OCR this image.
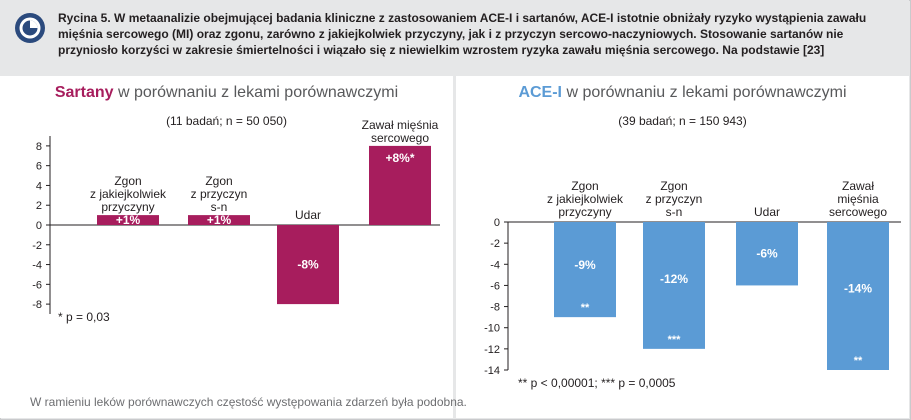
Rycina 5. W metaanalizie obejmującej badania kliniczne z zastosowaniem ACE-I i sartanów, ACE-I istotnie obniżały ryzyko wystąpienia zawału mięśnia sercowego (MI) oraz zgonu, zarówno z jakiejkolwiek przyczyny, jak i z przyczyn sercowo-naczyniowych. Stosowanie sartanów nie przyniosło korzyści w zakresie śmiertelności i wiązało się z niewielkim wzrostem ryzyka zawału mięśnia sercowego. Na podstawie [23]

Sartany w porównaniu z lekami porównawczymi
(11 badań; n = 50 050)
8
6
4
2
0
-2
-4
-6
-8
+1%
Zgon
z jakiejkolwiek
przyczyny
+1%
Zgon
z przyczyn
s-n
-8%
Udar
+8%*
Zawał mięśnia
sercowego
* p = 0,03
ACE-I w porównaniu z lekami porównawczymi
(39 badań; n = 150 943)
0
-2
-4
-6
-8
-10
-12
-14
-9%
**
Zgon
z jakiejkolwiek
przyczyny
-12%
***
Zgon
z przyczyn
s-n
-6%
Udar
-14%
**
Zawał
mięśnia
sercowego
** p < 0,00001; *** p = 0,0005
W ramieniu leków porównawczych częstość występowania zdarzeń była podobna.
